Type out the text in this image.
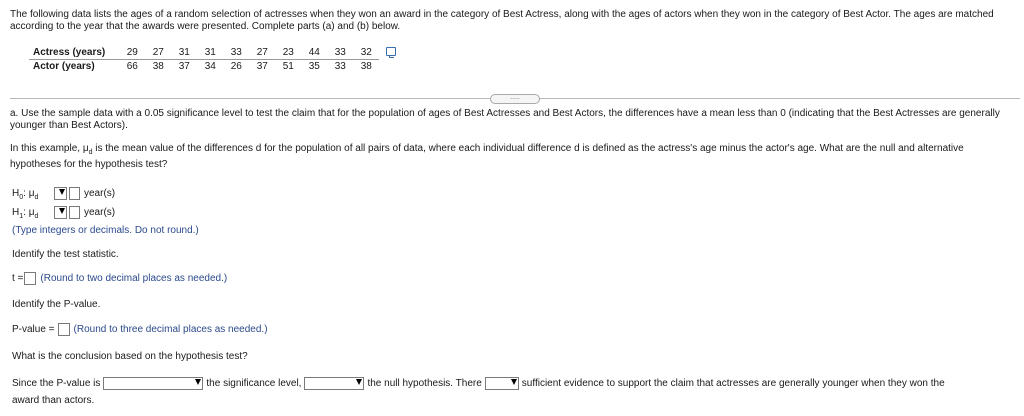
The following data lists the ages of a random selection of actresses when they won an award in the category of Best Actress, along with the ages of actors when they won in the category of Best Actor. The ages are matched according to the year that the awards were presented. Complete parts (a) and (b) below.
Actress (years)	29	27	31	31	33	27	23	44	33	32
Actor (years)	66	38	37	34	26	37	51	35	33	38
.....
a. Use the sample data with a 0.05 significance level to test the claim that for the population of ages of Best Actresses and Best Actors, the differences have a mean less than 0 (indicating that the Best Actresses are generally younger than Best Actors).
In this example, $\mu_d$ is the mean value of the differences d for the population of all pairs of data, where each individual difference d is defined as the actress's age minus the actor's age. What are the null and alternative hypotheses for the hypothesis test?
$H_0$: $\mu_d$	year(s)
$H_1$: $\mu_d$	year(s)
(Type integers or decimals. Do not round.)
Identify the test statistic.
t = (Round to two decimal places as needed.)
Identify the P-value.
P-value = (Round to three decimal places as needed.)
What is the conclusion based on the hypothesis test?
Since the P-value is	the significance level,	the null hypothesis. There	sufficient evidence to support the claim that actresses are generally younger when they won the
award than actors.
